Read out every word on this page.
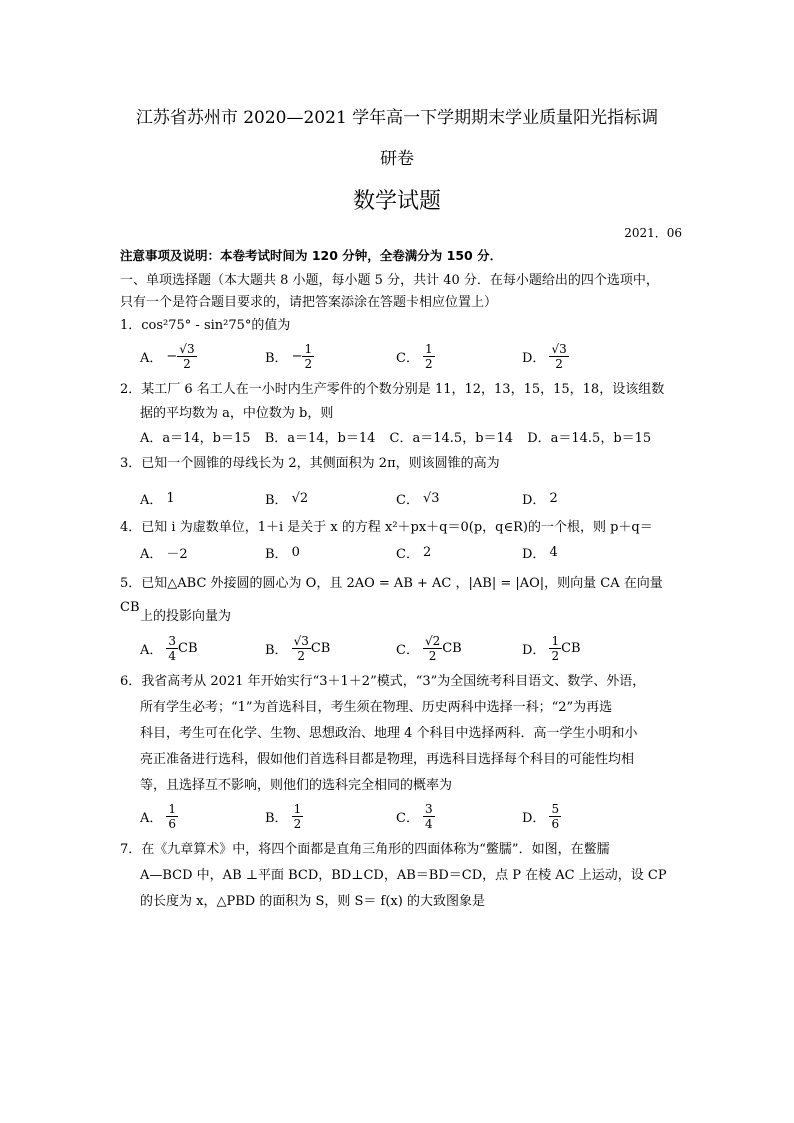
江苏省苏州市 2020—2021 学年高一下学期期末学业质量阳光指标调
研卷
数学试题
2021．06
注意事项及说明：本卷考试时间为 120 分钟，全卷满分为 150 分．
一、单项选择题（本大题共 8 小题，每小题 5 分，共计 40 分．在每小题给出的四个选项中，
只有一个是符合题目要求的，请把答案添涂在答题卡相应位置上）
1．cos²75° - sin²75°的值为
A． − $\frac{√3}{2}$	B． − $\frac{1}{2}$	C． $\frac{1}{2}$	D． $\frac{√3}{2}$
2．某工厂 6 名工人在一小时内生产零件的个数分别是 11，12，13，15，15，18，设该组数
据的平均数为 a，中位数为 b，则
A．a＝14，b＝15 B．a＝14，b＝14 C．a＝14.5，b＝14 D．a＝14.5，b＝15
3．已知一个圆锥的母线长为 2，其侧面积为 2π，则该圆锥的高为
A． 1	B． √2	C． √3	D． 2
4．已知 i 为虚数单位，1＋i 是关于 x 的方程 x²＋px＋q＝0(p，q∈R)的一个根，则 p＋q＝
A． －2	B． 0	C． 2	D． 4
5．已知△ABC 外接圆的圆心为 O，且 2AO = AB + AC ，|AB| = |AO|，则向量 CA 在向量 CB
上的投影向量为
A． $\frac{3}{4}$ CB	B． $\frac{√3}{2}$ CB	C． $\frac{√2}{2}$ CB	D． $\frac{1}{2}$ CB
6．我省高考从 2021 年开始实行“3＋1＋2”模式，“3”为全国统考科目语文、数学、外语，
所有学生必考；“1”为首选科目，考生须在物理、历史两科中选择一科；“2”为再选
科目，考生可在化学、生物、思想政治、地理 4 个科目中选择两科．高一学生小明和小
亮正准备进行选科，假如他们首选科目都是物理，再选科目选择每个科目的可能性均相
等，且选择互不影响，则他们的选科完全相同的概率为
A． $\frac{1}{6}$	B． $\frac{1}{2}$	C． $\frac{3}{4}$	D． $\frac{5}{6}$
7．在《九章算术》中，将四个面都是直角三角形的四面体称为“鳖臑”．如图，在鳖臑
A—BCD 中，AB ⊥平面 BCD，BD⊥CD，AB＝BD＝CD，点 P 在棱 AC 上运动，设 CP
的长度为 x，△PBD 的面积为 S，则 S＝ f(x) 的大致图象是
